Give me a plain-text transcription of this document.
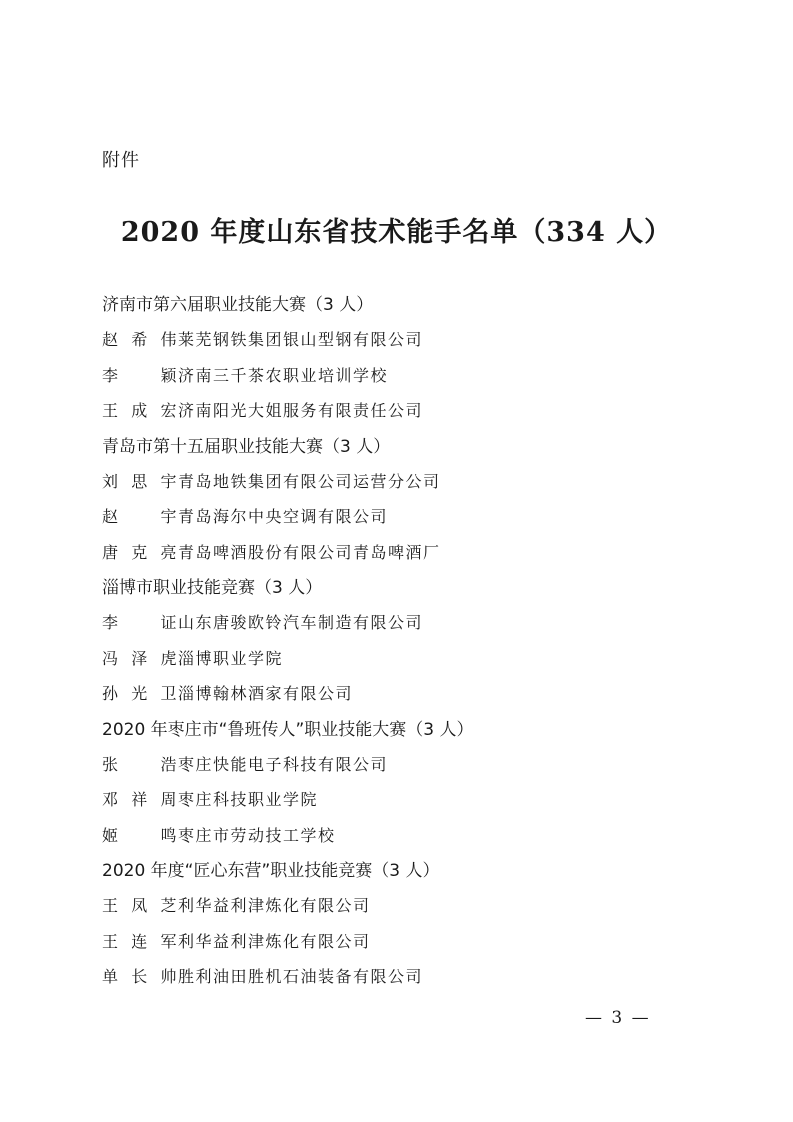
附件
2020 年度山东省技术能手名单（334 人）
济南市第六届职业技能大赛（3 人）
赵希伟莱芜钢铁集团银山型钢有限公司
李　颖济南三千茶农职业培训学校
王成宏济南阳光大姐服务有限责任公司
青岛市第十五届职业技能大赛（3 人）
刘思宇青岛地铁集团有限公司运营分公司
赵　宇青岛海尔中央空调有限公司
唐克亮青岛啤酒股份有限公司青岛啤酒厂
淄博市职业技能竞赛（3 人）
李　证山东唐骏欧铃汽车制造有限公司
冯泽虎淄博职业学院
孙光卫淄博翰林酒家有限公司
2020 年枣庄市“鲁班传人”职业技能大赛（3 人）
张　浩枣庄快能电子科技有限公司
邓祥周枣庄科技职业学院
姬　鸣枣庄市劳动技工学校
2020 年度“匠心东营”职业技能竞赛（3 人）
王凤芝利华益利津炼化有限公司
王连军利华益利津炼化有限公司
单长帅胜利油田胜机石油装备有限公司
— 3 —
